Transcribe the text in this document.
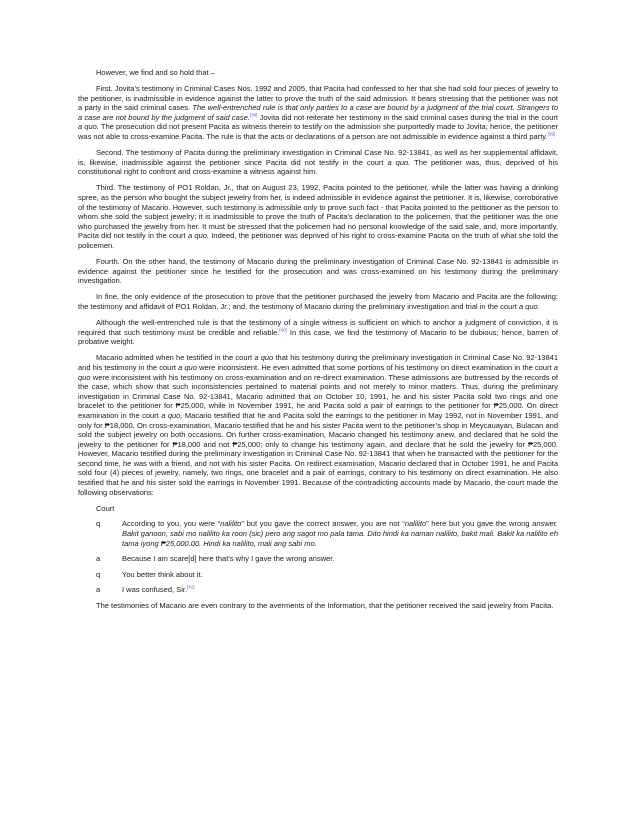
However, we find and so hold that –

First. Jovita’s testimony in Criminal Cases Nos. 1992 and 2005, that Pacita had confessed to her that she had sold four pieces of jewelry to the petitioner, is inadmissible in evidence against the latter to prove the truth of the said admission. It bears stressing that the petitioner was not a party in the said criminal cases. The well-entrenched rule is that only parties to a case are bound by a judgment of the trial court. Strangers to a case are not bound by the judgment of said case.[38] Jovita did not reiterate her testimony in the said criminal cases during the trial in the court a quo. The prosecution did not present Pacita as witness therein to testify on the admission she purportedly made to Jovita; hence, the petitioner was not able to cross-examine Pacita. The rule is that the acts or declarations of a person are not admissible in evidence against a third party.[39]

Second. The testimony of Pacita during the preliminary investigation in Criminal Case No. 92-13841, as well as her supplemental affidavit, is, likewise, inadmissible against the petitioner since Pacita did not testify in the court a quo. The petitioner was, thus, deprived of his constitutional right to confront and cross-examine a witness against him.

Third. The testimony of PO1 Roldan, Jr., that on August 23, 1992, Pacita pointed to the petitioner, while the latter was having a drinking spree, as the person who bought the subject jewelry from her, is indeed admissible in evidence against the petitioner. It is, likewise, corroborative of the testimony of Macario. However, such testimony is admissible only to prove such fact - that Pacita pointed to the petitioner as the person to whom she sold the subject jewelry; it is inadmissible to prove the truth of Pacita's declaration to the policemen, that the petitioner was the one who purchased the jewelry from her. It must be stressed that the policemen had no personal knowledge of the said sale, and, more importantly, Pacita did not testify in the court a quo. Indeed, the petitioner was deprived of his right to cross-examine Pacita on the truth of what she told the policemen.

Fourth. On the other hand, the testimony of Macario during the preliminary investigation of Criminal Case No. 92-13841 is admissible in evidence against the petitioner since he testified for the prosecution and was cross-examined on his testimony during the preliminary investigation.

In fine, the only evidence of the prosecution to prove that the petitioner purchased the jewelry from Macario and Pacita are the following: the testimony and affidavit of PO1 Roldan, Jr.; and, the testimony of Macario during the preliminary investigation and trial in the court a quo.

Although the well-entrenched rule is that the testimony of a single witness is sufficient on which to anchor a judgment of conviction, it is required that such testimony must be credible and reliable.[40] In this case, we find the testimony of Macario to be dubious; hence, barren of probative weight.

Macario admitted when he testified in the court a quo that his testimony during the preliminary investigation in Criminal Case No. 92-13841 and his testimony in the court a quo were inconsistent. He even admitted that some portions of his testimony on direct examination in the court a quo were inconsistent with his testimony on cross-examination and on re-direct examination. These admissions are buttressed by the records of the case, which show that such inconsistencies pertained to material points and not merely to minor matters. Thus, during the preliminary investigation in Criminal Case No. 92-13841, Macario admitted that on October 10, 1991, he and his sister Pacita sold two rings and one bracelet to the petitioner for ₱25,000, while in November 1991, he and Pacita sold a pair of earrings to the petitioner for ₱25,000. On direct examination in the court a quo, Macario testified that he and Pacita sold the earrings to the petitioner in May 1992, not in November 1991, and only for ₱18,000. On cross-examination, Macario testified that he and his sister Pacita went to the petitioner’s shop in Meycauayan, Bulacan and sold the subject jewelry on both occasions. On further cross-examination, Macario changed his testimony anew, and declared that he sold the jewelry to the petitioner for ₱18,000 and not ₱25,000; only to change his testimony again, and declare that he sold the jewelry for ₱25,000. However, Macario testified during the preliminary investigation in Criminal Case No. 92-13841 that when he transacted with the petitioner for the second time, he was with a friend, and not with his sister Pacita. On redirect examination, Macario declared that in October 1991, he and Pacita sold four (4) pieces of jewelry, namely, two rings, one bracelet and a pair of earrings, contrary to his testimony on direct examination. He also testified that he and his sister sold the earrings in November 1991. Because of the contradicting accounts made by Macario, the court made the following observations:

Court
q	According to you, you were “nalilito” but you gave the correct answer, you are not “nalilito” here but you gave the wrong answer. Bakit ganoon, sabi mo nalilito ka roon (sic) pero ang sagot mo pala tama. Dito hindi ka naman nalilito, bakit mali. Bakit ka nalilito eh tama iyong ₱25,000.00. Hindi ka nalilito, mali ang sabi mo.
a	Because I am scare[d] here that’s why I gave the wrong answer.
q	You better think about it.
a	I was confused, Sir.[41]

The testimonies of Macario are even contrary to the averments of the Information, that the petitioner received the said jewelry from Pacita.
